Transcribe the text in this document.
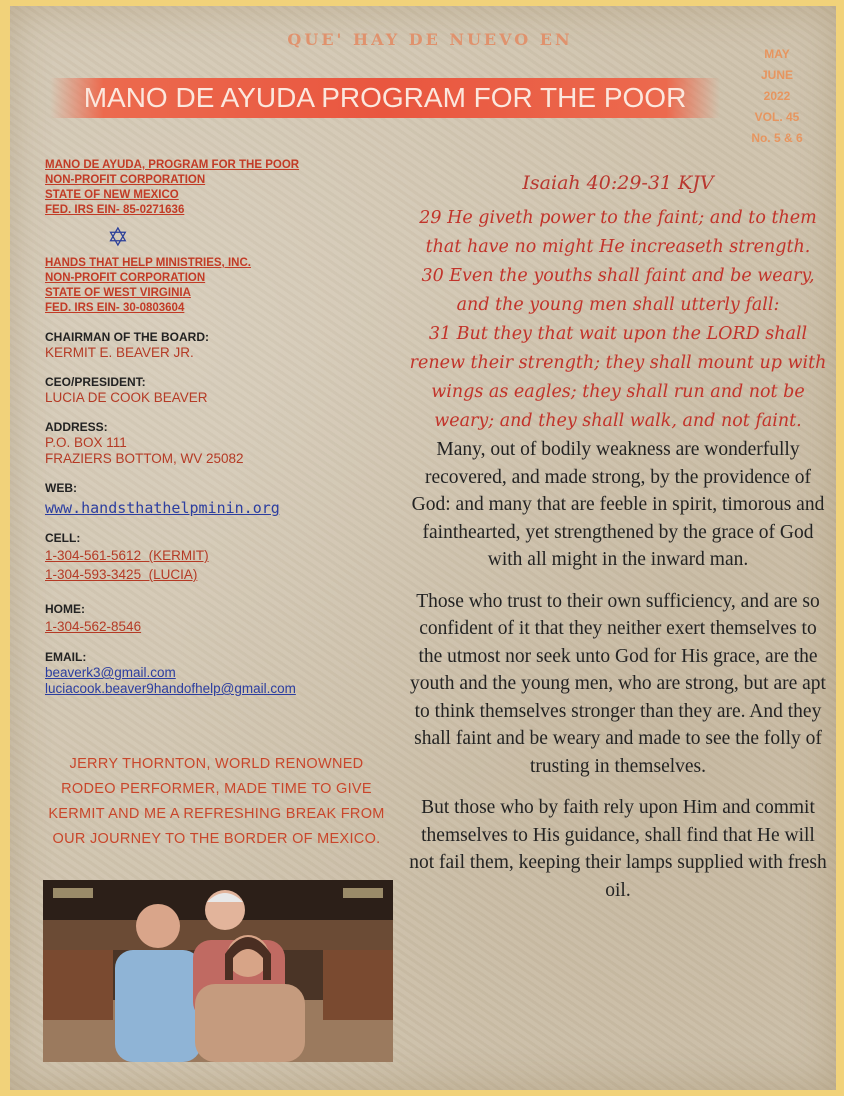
QUE' HAY DE NUEVO EN
MANO DE AYUDA PROGRAM FOR THE POOR
MAY
JUNE
2022
VOL. 45
No. 5 & 6
MANO DE AYUDA, PROGRAM FOR THE POOR
NON-PROFIT CORPORATION
STATE OF NEW MEXICO
FED. IRS EIN- 85-0271636
✡
HANDS THAT HELP MINISTRIES, INC.
NON-PROFIT CORPORATION
STATE OF WEST VIRGINIA
FED. IRS EIN- 30-0803604
CHAIRMAN OF THE BOARD:
KERMIT E. BEAVER JR.
CEO/PRESIDENT:
LUCIA DE COOK BEAVER
ADDRESS:
P.O. BOX 111
FRAZIERS BOTTOM, WV 25082
WEB:
www.handsthathelpminin.org
CELL:
1-304-561-5612  (KERMIT)
1-304-593-3425  (LUCIA)
HOME:
1-304-562-8546
EMAIL:
beaverk3@gmail.com
luciacook.beaver9handofhelp@gmail.com
JERRY THORNTON, WORLD RENOWNED RODEO PERFORMER, MADE TIME TO GIVE KERMIT AND ME A REFRESHING BREAK FROM OUR JOURNEY TO THE BORDER OF MEXICO.
Isaiah 40:29-31 KJV

29 He giveth power to the faint; and to them that have no might He increaseth strength.

30 Even the youths shall faint and be weary, and the young men shall utterly fall:

31 But they that wait upon the LORD shall renew their strength; they shall mount up with wings as eagles; they shall run and not be weary; and they shall walk, and not faint.

Many, out of bodily weakness are wonderfully recovered, and made strong, by the providence of God: and many that are feeble in spirit, timorous and fainthearted, yet strengthened by the grace of God with all might in the inward man.

Those who trust to their own sufficiency, and are so confident of it that they neither exert themselves to the utmost nor seek unto God for His grace, are the youth and the young men, who are strong, but are apt to think themselves stronger than they are. And they shall faint and be weary and made to see the folly of trusting in themselves.

But those who by faith rely upon Him and commit themselves to His guidance, shall find that He will not fail them, keeping their lamps supplied with fresh oil.
